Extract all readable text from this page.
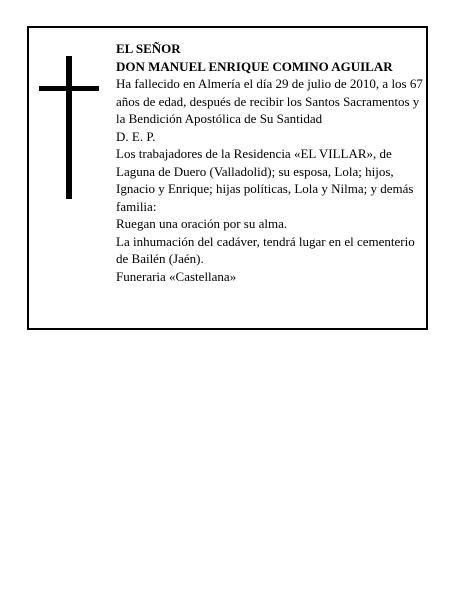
EL SEÑOR

DON MANUEL ENRIQUE COMINO AGUILAR

Ha fallecido en Almería el día 29 de julio de 2010, a los 67 años de edad, después de recibir los Santos Sacramentos y la Bendición Apostólica de Su Santidad

D. E. P.

Los trabajadores de la Residencia «EL VILLAR», de Laguna de Duero (Valladolid); su esposa, Lola; hijos, Ignacio y Enrique; hijas políticas, Lola y Nilma; y demás familia:

Ruegan una oración por su alma.

La inhumación del cadáver, tendrá lugar en el cementerio de Bailén (Jaén).

Funeraria «Castellana»
